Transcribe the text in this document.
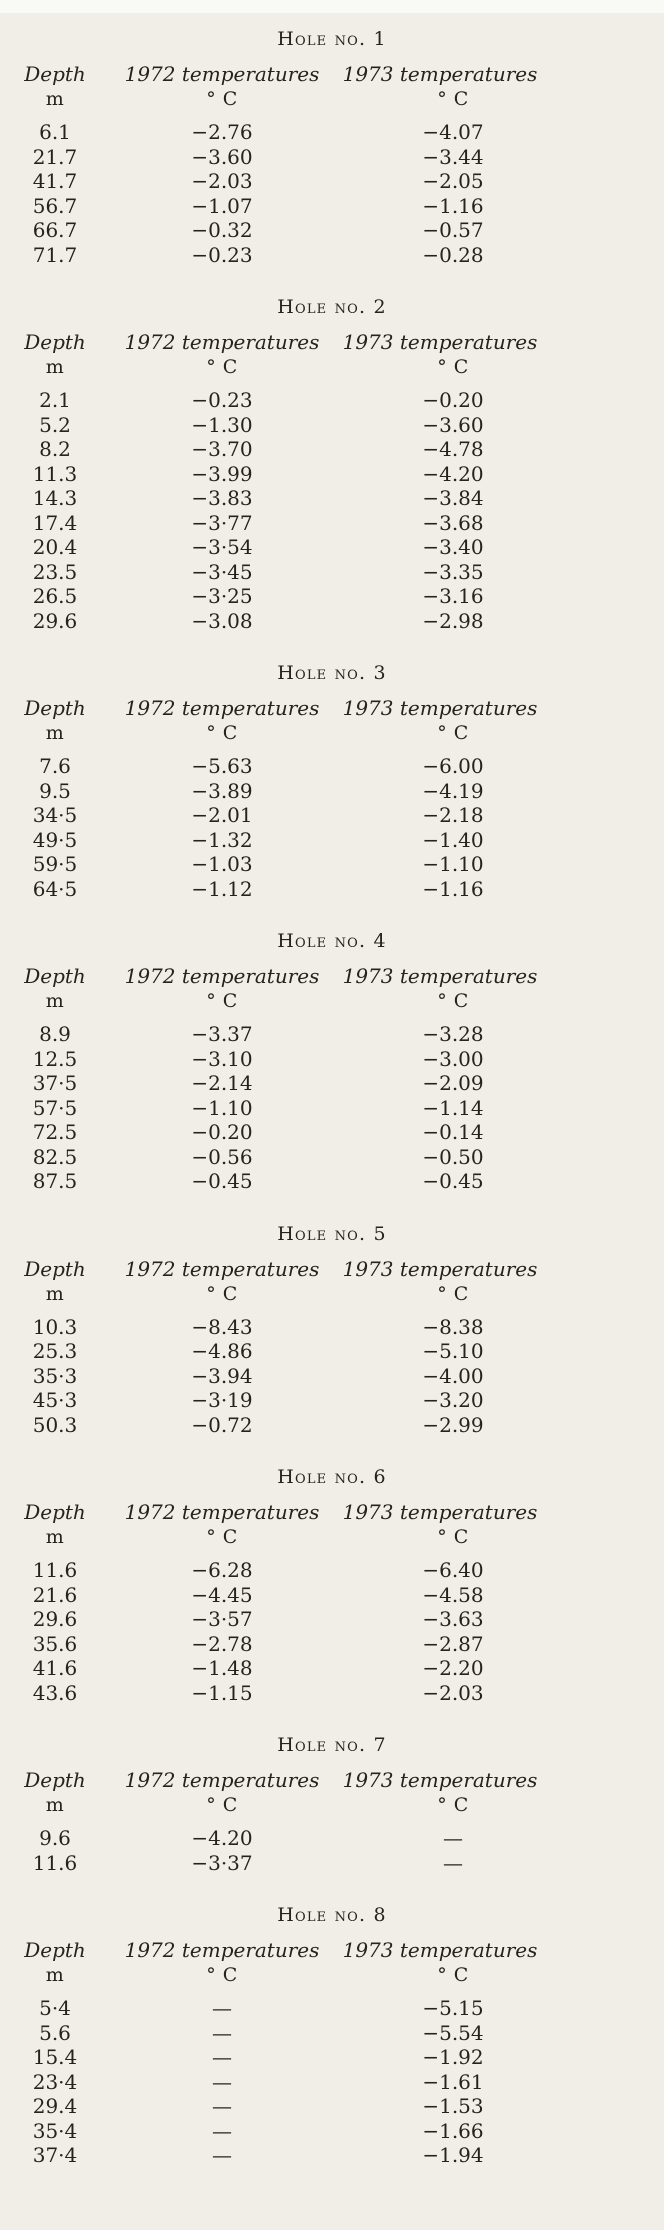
Hole no. 1
Depth
m
1972 temperatures
° C
1973 temperatures
° C
6.1	−2.76	−4.07
21.7	−3.60	−3.44
41.7	−2.03	−2.05
56.7	−1.07	−1.16
66.7	−0.32	−0.57
71.7	−0.23	−0.28
Hole no. 2
Depth
m
1972 temperatures
° C
1973 temperatures
° C
2.1	−0.23	−0.20
5.2	−1.30	−3.60
8.2	−3.70	−4.78
11.3	−3.99	−4.20
14.3	−3.83	−3.84
17.4	−3·77	−3.68
20.4	−3·54	−3.40
23.5	−3·45	−3.35
26.5	−3·25	−3.16
29.6	−3.08	−2.98
Hole no. 3
Depth
m
1972 temperatures
° C
1973 temperatures
° C
7.6	−5.63	−6.00
9.5	−3.89	−4.19
34·5	−2.01	−2.18
49·5	−1.32	−1.40
59·5	−1.03	−1.10
64·5	−1.12	−1.16
Hole no. 4
Depth
m
1972 temperatures
° C
1973 temperatures
° C
8.9	−3.37	−3.28
12.5	−3.10	−3.00
37·5	−2.14	−2.09
57·5	−1.10	−1.14
72.5	−0.20	−0.14
82.5	−0.56	−0.50
87.5	−0.45	−0.45
Hole no. 5
Depth
m
1972 temperatures
° C
1973 temperatures
° C
10.3	−8.43	−8.38
25.3	−4.86	−5.10
35·3	−3.94	−4.00
45·3	−3·19	−3.20
50.3	−0.72	−2.99
Hole no. 6
Depth
m
1972 temperatures
° C
1973 temperatures
° C
11.6	−6.28	−6.40
21.6	−4.45	−4.58
29.6	−3·57	−3.63
35.6	−2.78	−2.87
41.6	−1.48	−2.20
43.6	−1.15	−2.03
Hole no. 7
Depth
m
1972 temperatures
° C
1973 temperatures
° C
9.6	−4.20	—
11.6	−3·37	—
Hole no. 8
Depth
m
1972 temperatures
° C
1973 temperatures
° C
5·4	—	−5.15
5.6	—	−5.54
15.4	—	−1.92
23·4	—	−1.61
29.4	—	−1.53
35·4	—	−1.66
37·4	—	−1.94
